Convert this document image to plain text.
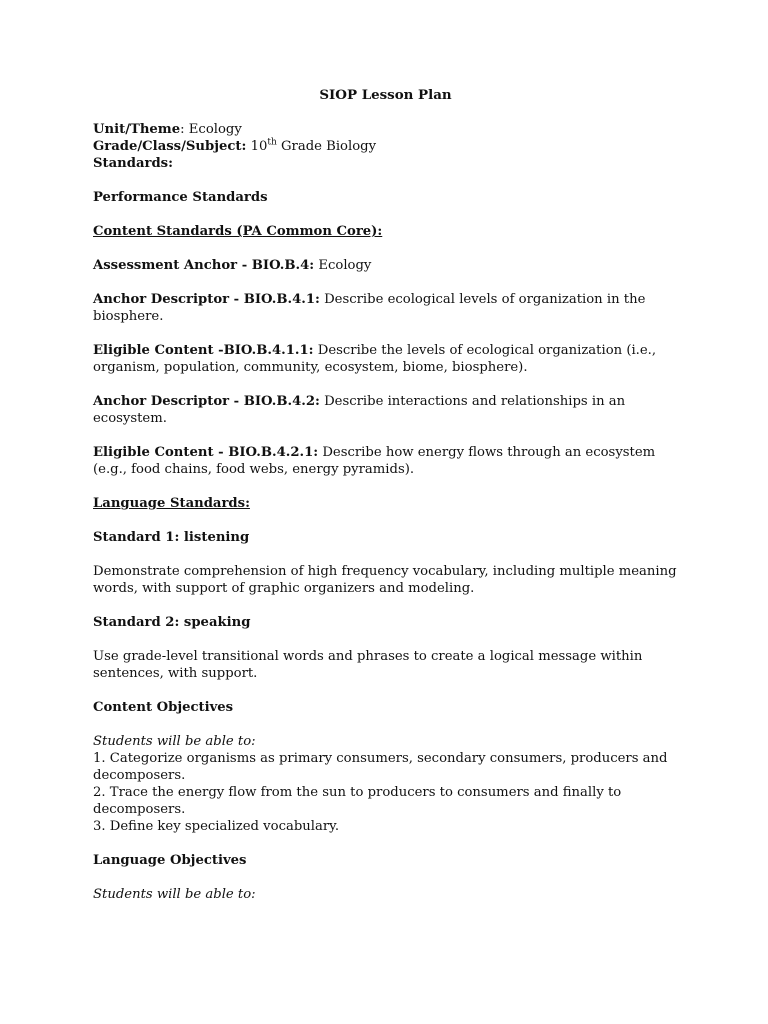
SIOP Lesson Plan

Unit/Theme: Ecology

Grade/Class/Subject: 10th Grade Biology

Standards:

Performance Standards

Content Standards (PA Common Core):

Assessment Anchor - BIO.B.4: Ecology

Anchor Descriptor - BIO.B.4.1: Describe ecological levels of organization in the biosphere.

Eligible Content -BIO.B.4.1.1: Describe the levels of ecological organization (i.e., organism, population, community, ecosystem, biome, biosphere).

Anchor Descriptor - BIO.B.4.2: Describe interactions and relationships in an ecosystem.

Eligible Content - BIO.B.4.2.1: Describe how energy flows through an ecosystem (e.g., food chains, food webs, energy pyramids).

Language Standards:

Standard 1: listening

Demonstrate comprehension of high frequency vocabulary, including multiple meaning words, with support of graphic organizers and modeling.

Standard 2: speaking

Use grade-level transitional words and phrases to create a logical message within sentences, with support.

Content Objectives

Students will be able to:

1. Categorize organisms as primary consumers, secondary consumers, producers and decomposers.

2. Trace the energy flow from the sun to producers to consumers and finally to decomposers.

3. Define key specialized vocabulary.

Language Objectives

Students will be able to:
